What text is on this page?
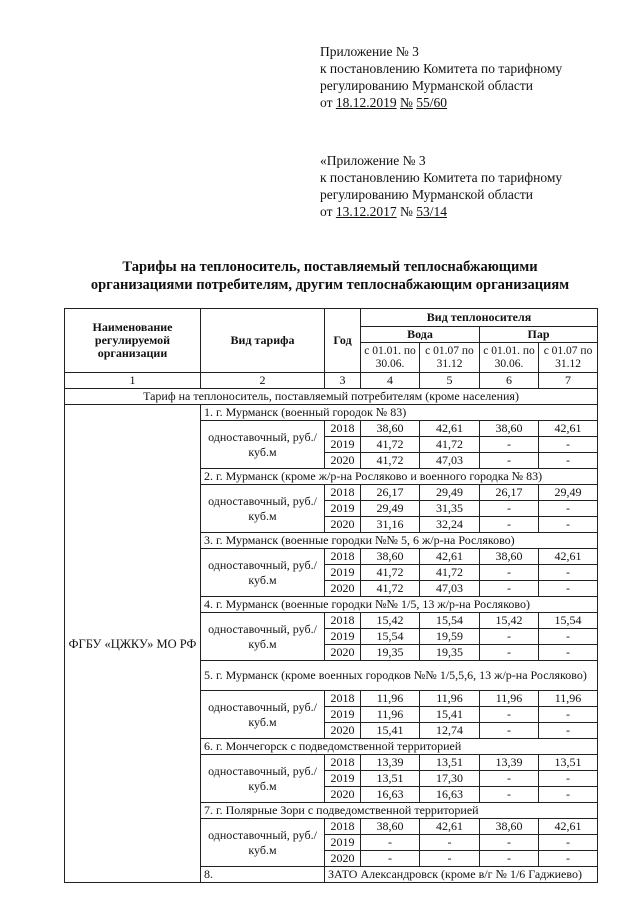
Приложение № 3
к постановлению Комитета по тарифному
регулированию Мурманской области
от 18.12.2019 № 55/60
«Приложение № 3
к постановлению Комитета по тарифному
регулированию Мурманской области
от 13.12.2017 № 53/14
Тарифы на теплоноситель, поставляемый теплоснабжающими
организациями потребителям, другим теплоснабжающим организациям
Наименование регулируемой организации	Вид тарифа	Год	Вид теплоносителя			
			Вода		Пар	
			с 01.01. по 30.06.	с 01.07 по 31.12	с 01.01. по 30.06.	с 01.07 по 31.12
1	2	3	4	5	6	7
Тариф на теплоноситель, поставляемый потребителям (кроме населения)						
ФГБУ «ЦЖКУ» МО РФ	1. г. Мурманск (военный городок № 83)					
	одноставочный, руб./куб.м	2018	38,60	42,61	38,60	42,61
		2019	41,72	41,72	-	-
		2020	41,72	47,03	-	-
	2. г. Мурманск (кроме ж/р-на Росляково и военного городка № 83)					
	одноставочный, руб./куб.м	2018	26,17	29,49	26,17	29,49
		2019	29,49	31,35	-	-
		2020	31,16	32,24	-	-
	3. г. Мурманск (военные городки №№ 5, 6 ж/р-на Росляково)					
	одноставочный, руб./куб.м	2018	38,60	42,61	38,60	42,61
		2019	41,72	41,72	-	-
		2020	41,72	47,03	-	-
	4. г. Мурманск (военные городки №№ 1/5, 13 ж/р-на Росляково)					
	одноставочный, руб./куб.м	2018	15,42	15,54	15,42	15,54
		2019	15,54	19,59	-	-
		2020	19,35	19,35	-	-
	5. г. Мурманск (кроме военных городков №№ 1/5,5,6, 13 ж/р-на Росляково)					
	одноставочный, руб./куб.м	2018	11,96	11,96	11,96	11,96
		2019	11,96	15,41	-	-
		2020	15,41	12,74	-	-
	6. г. Мончегорск с подведомственной территорией					
	одноставочный, руб./куб.м	2018	13,39	13,51	13,39	13,51
		2019	13,51	17,30	-	-
		2020	16,63	16,63	-	-
	7. г. Полярные Зори с подведомственной территорией					
	одноставочный, руб./куб.м	2018	38,60	42,61	38,60	42,61
		2019	-	-	-	-
		2020	-	-	-	-
	8.	ЗАТО Александровск (кроме в/г № 1/6 Гаджиево)				
